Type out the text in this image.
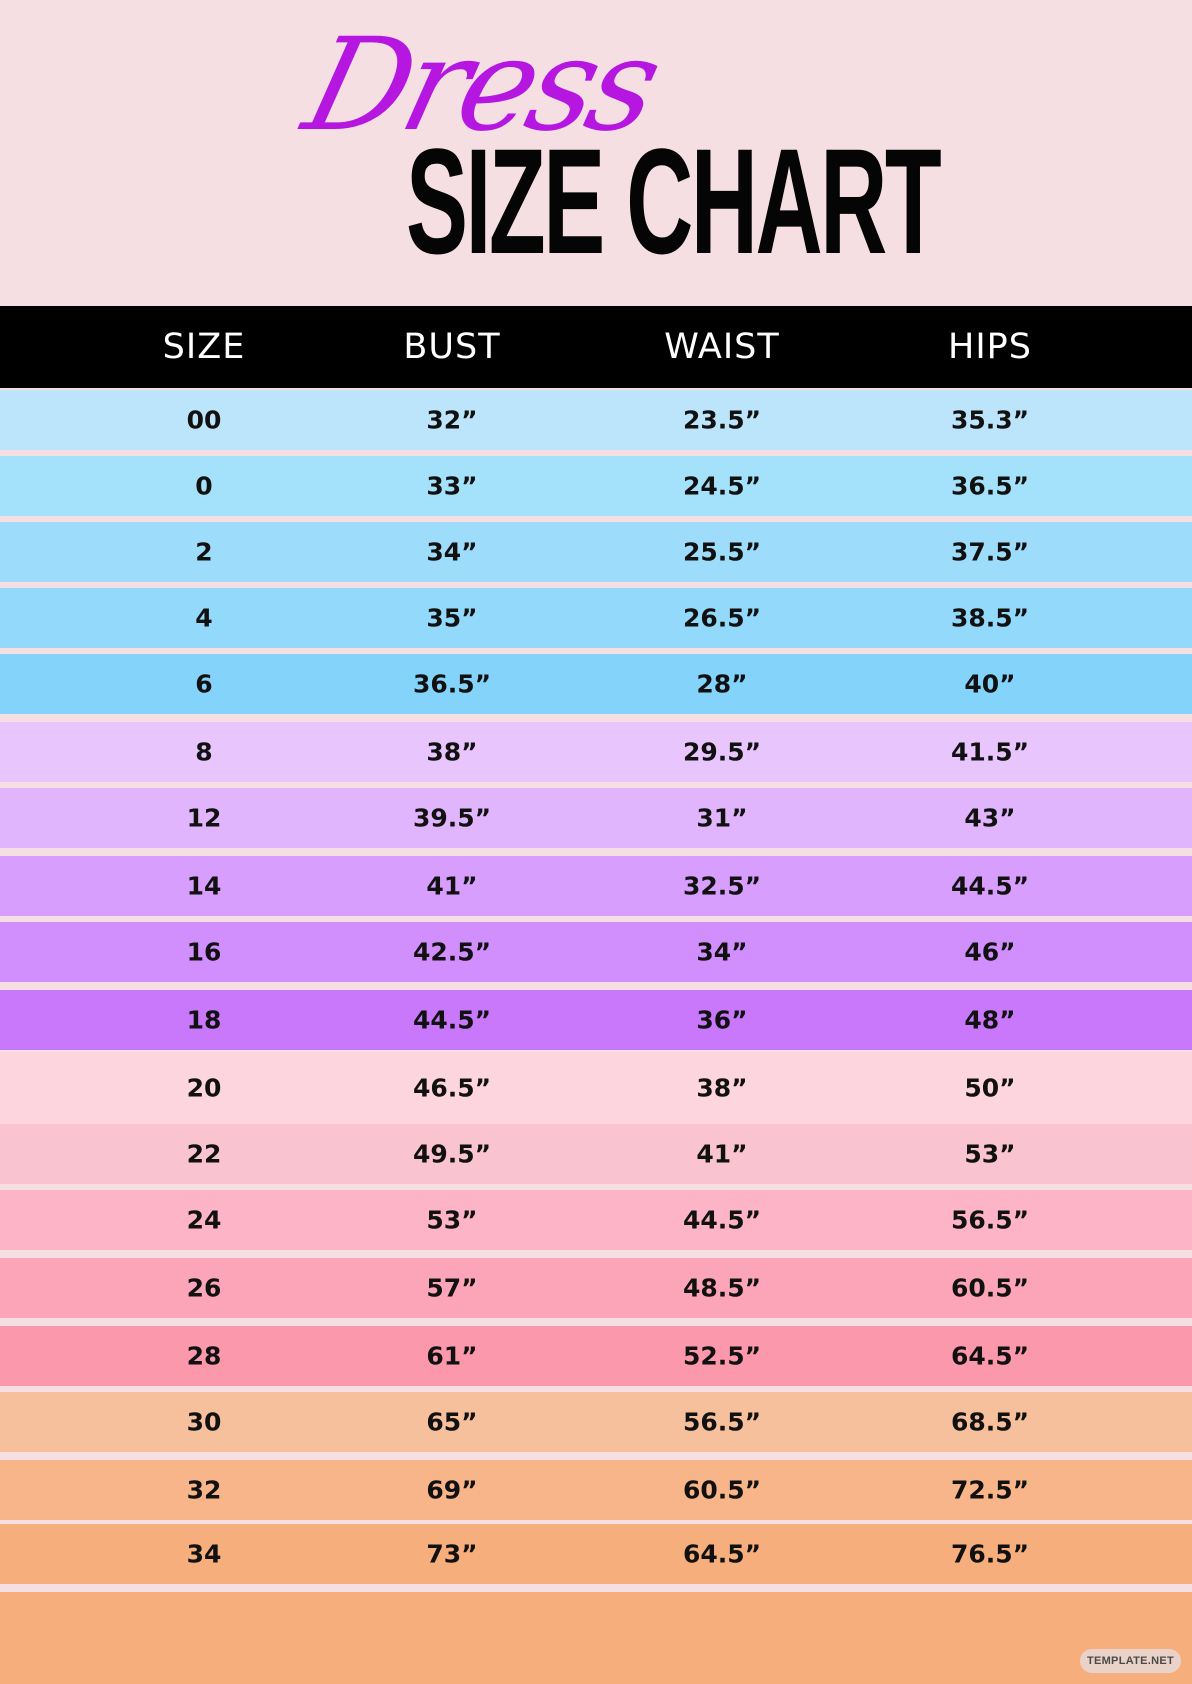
Dress
SIZE CHART
SIZE	BUST	WAIST	HIPS
00	32”	23.5”	35.3”
0	33”	24.5”	36.5”
2	34”	25.5”	37.5”
4	35”	26.5”	38.5”
6	36.5”	28”	40”
8	38”	29.5”	41.5”
12	39.5”	31”	43”
14	41”	32.5”	44.5”
16	42.5”	34”	46”
18	44.5”	36”	48”
20	46.5”	38”	50”
22	49.5”	41”	53”
24	53”	44.5”	56.5”
26	57”	48.5”	60.5”
28	61”	52.5”	64.5”
30	65”	56.5”	68.5”
32	69”	60.5”	72.5”
34	73”	64.5”	76.5”
TEMPLATE.NET
